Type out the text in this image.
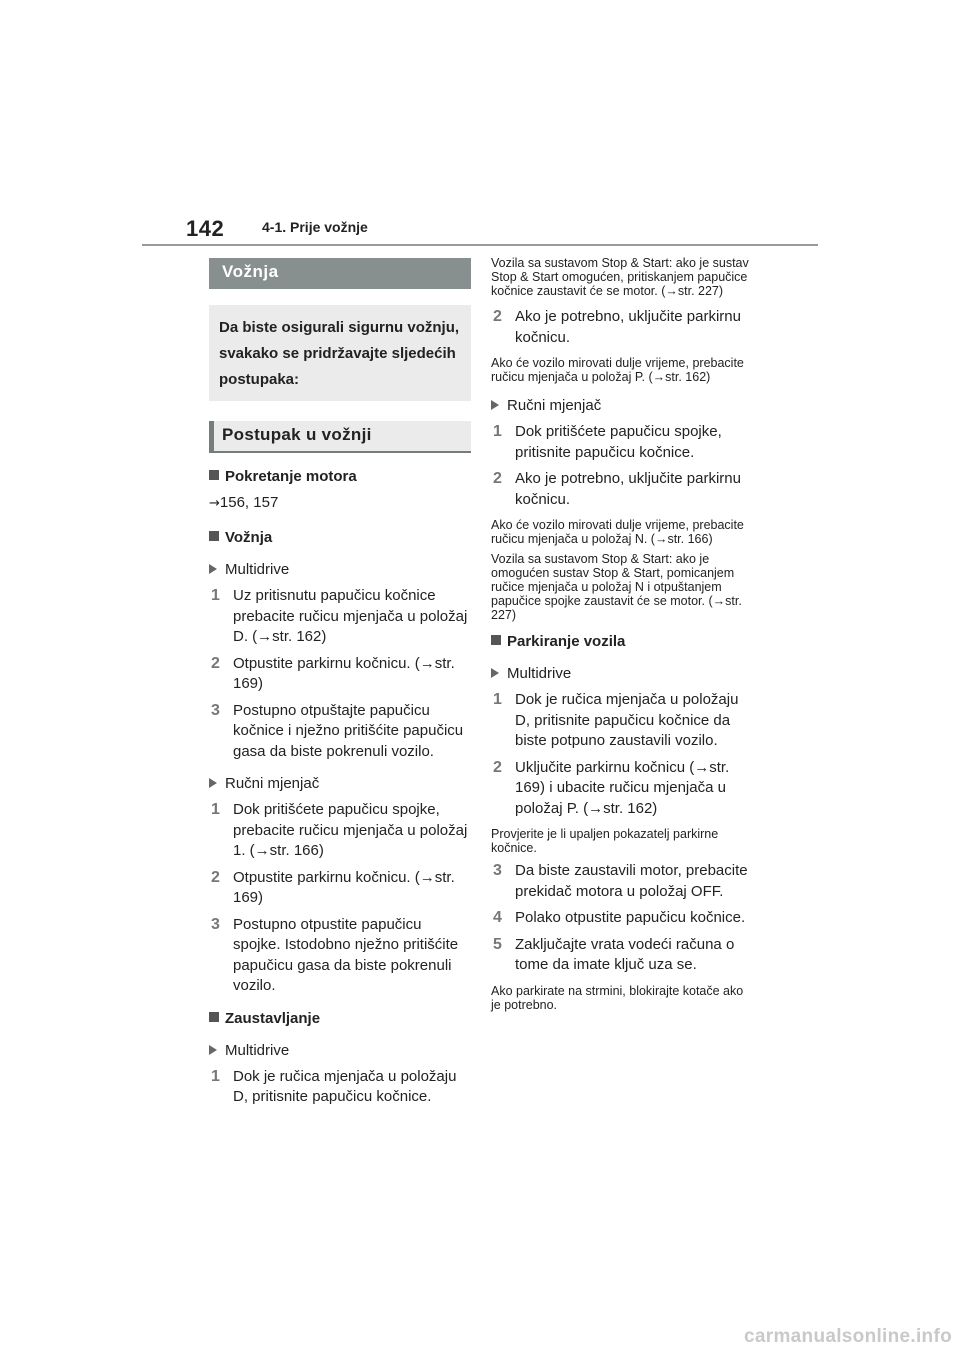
142	4-1. Prije vožnje
Vožnja
Da biste osigurali sigurnu vožnju, svakako se pridržavajte sljedećih postupaka:
Postupak u vožnji
Pokretanje motora
→156, 157
Vožnja
Multidrive
1 Uz pritisnutu papučicu kočnice prebacite ručicu mjenjača u položaj D. (→str. 162)
2 Otpustite parkirnu kočnicu. (→str. 169)
3 Postupno otpuštajte papučicu kočnice i nježno pritišćite papučicu gasa da biste pokrenuli vozilo.
Ručni mjenjač
1 Dok pritišćete papučicu spojke, prebacite ručicu mjenjača u položaj 1. (→str. 166)
2 Otpustite parkirnu kočnicu. (→str. 169)
3 Postupno otpustite papučicu spojke. Istodobno nježno pritišćite papučicu gasa da biste pokrenuli vozilo.
Zaustavljanje
Multidrive
1 Dok je ručica mjenjača u položaju D, pritisnite papučicu kočnice.
Vozila sa sustavom Stop & Start: ako je sustav Stop & Start omogućen, pritiskanjem papučice kočnice zaustavit će se motor. (→str. 227)
2 Ako je potrebno, uključite parkirnu kočnicu.
Ako će vozilo mirovati dulje vrijeme, prebacite ručicu mjenjača u položaj P. (→str. 162)
Ručni mjenjač
1 Dok pritišćete papučicu spojke, pritisnite papučicu kočnice.
2 Ako je potrebno, uključite parkirnu kočnicu.
Ako će vozilo mirovati dulje vrijeme, prebacite ručicu mjenjača u položaj N. (→str. 166)
Vozila sa sustavom Stop & Start: ako je omogućen sustav Stop & Start, pomicanjem ručice mjenjača u položaj N i otpuštanjem papučice spojke zaustavit će se motor. (→str. 227)
Parkiranje vozila
Multidrive
1 Dok je ručica mjenjača u položaju D, pritisnite papučicu kočnice da biste potpuno zaustavili vozilo.
2 Uključite parkirnu kočnicu (→str. 169) i ubacite ručicu mjenjača u položaj P. (→str. 162)
Provjerite je li upaljen pokazatelj parkirne kočnice.
3 Da biste zaustavili motor, prebacite prekidač motora u položaj OFF.
4 Polako otpustite papučicu kočnice.
5 Zaključajte vrata vodeći računa o tome da imate ključ uza se.
Ako parkirate na strmini, blokirajte kotače ako je potrebno.
carmanualsonline.info
